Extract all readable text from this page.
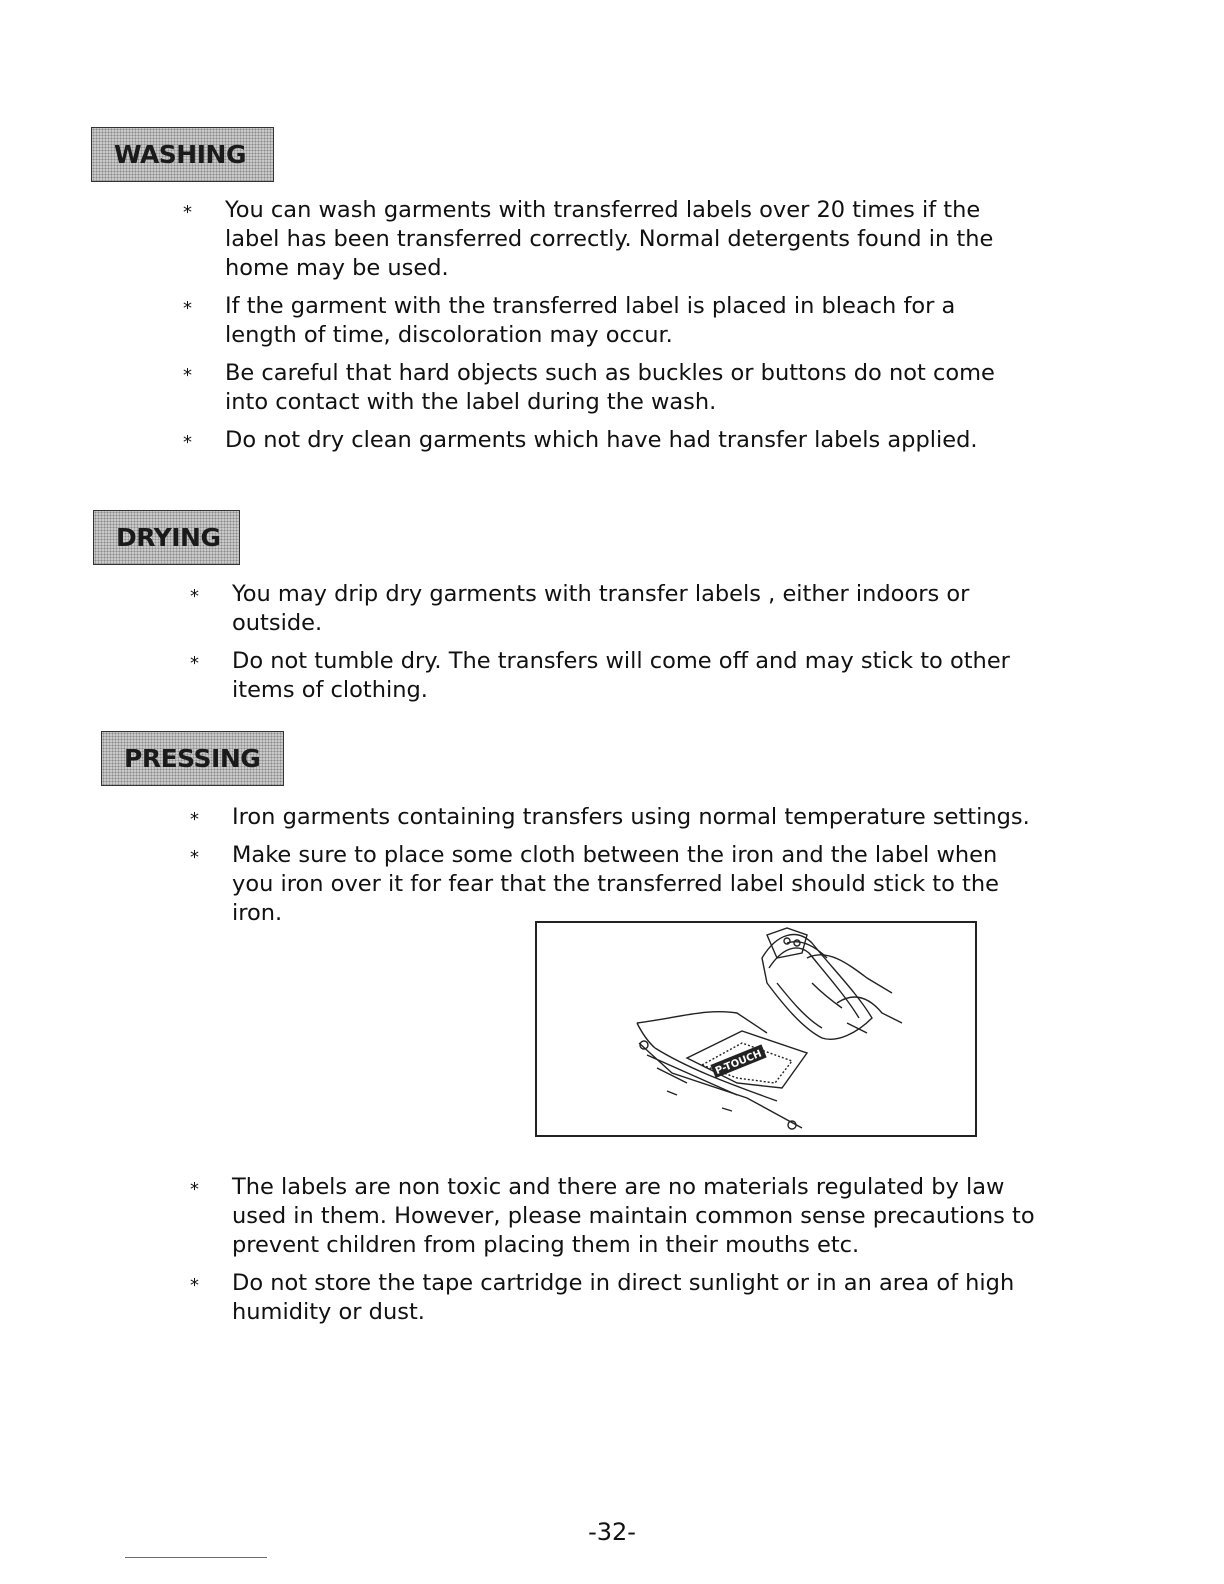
WASHING
* You can wash garments with transferred labels over 20 times if the label has been transferred correctly. Normal detergents found in the home may be used.
* If the garment with the transferred label is placed in bleach for a length of time, discoloration may occur.
* Be careful that hard objects such as buckles or buttons do not come into contact with the label during the wash.
* Do not dry clean garments which have had transfer labels applied.
DRYING
* You may drip dry garments with transfer labels , either indoors or outside.
* Do not tumble dry. The transfers will come off and may stick to other items of clothing.
PRESSING
* Iron garments containing transfers using normal temperature settings.
* Make sure to place some cloth between the iron and the label when you iron over it for fear that the transferred label should stick to the iron.
P-TOUCH
* The labels are non toxic and there are no materials regulated by law used in them. However, please maintain common sense precautions to prevent children from placing them in their mouths etc.
* Do not store the tape cartridge in direct sunlight or in an area of high humidity or dust.
-32-
